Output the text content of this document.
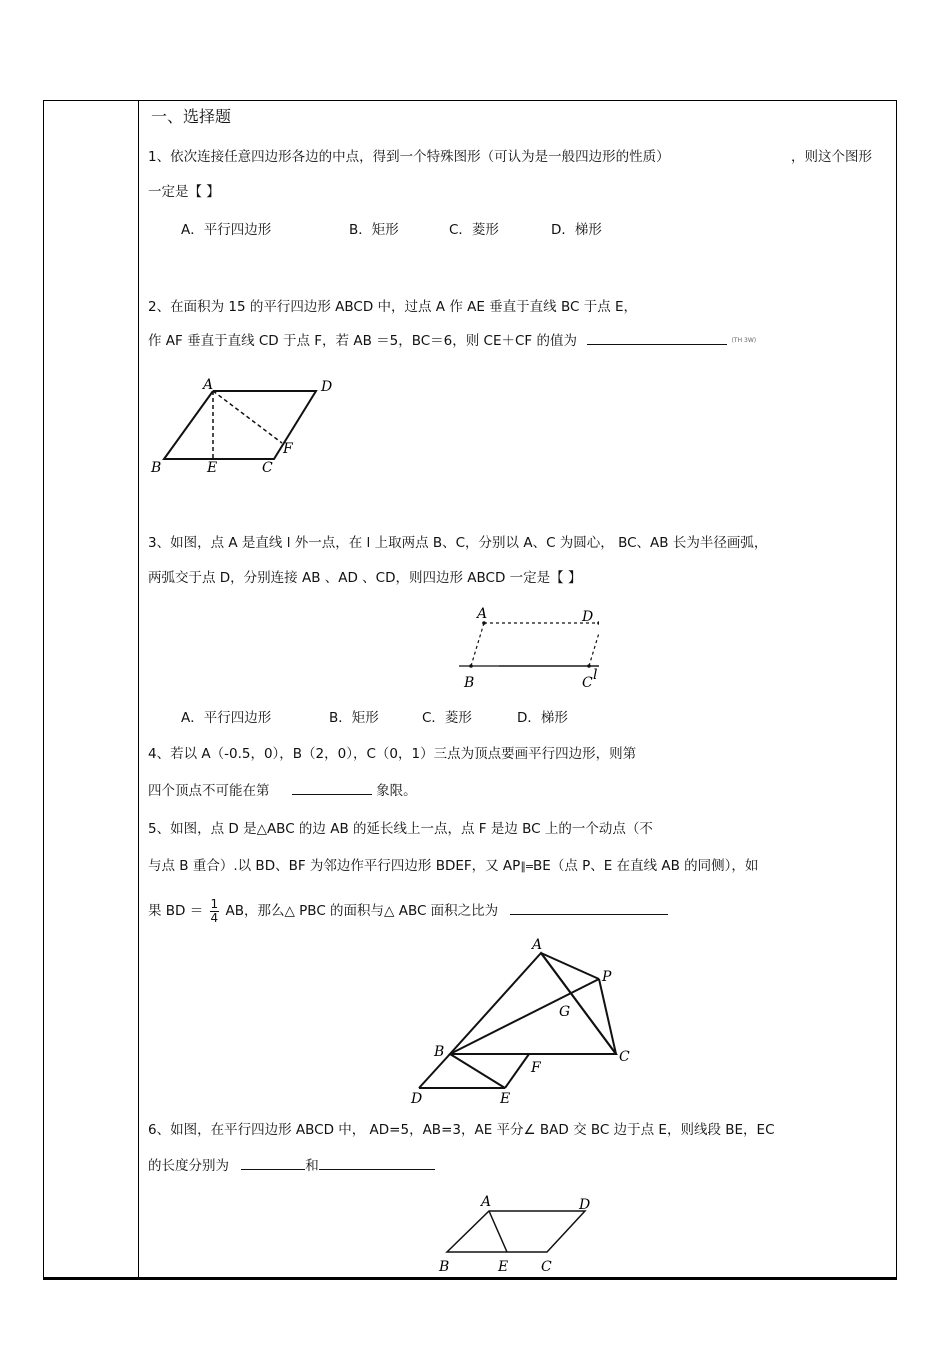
一、选择题
1、依次连接任意四边形各边的中点，得到一个特殊图形（可认为是一般四边形的性质）	，则这个图形
一定是【 】
A．平行四边形	B．矩形	C．菱形	D．梯形
2、在面积为 15 的平行四边形 ABCD 中，过点 A 作 AE 垂直于直线 BC 于点 E，
作 AF 垂直于直线 CD 于点 F，若 AB ＝5，BC＝6，则 CE＋CF 的值为	(TH 3W)
A	D
B	E	C
F
3、如图，点 A 是直线 l 外一点，在 l 上取两点 B、C，分别以 A、C 为圆心， BC、AB 长为半径画弧，
两弧交于点 D，分别连接 AB 、AD 、CD，则四边形 ABCD 一定是【 】
A	D
B	C l
A．平行四边形	B．矩形	C．菱形	D．梯形
4、若以 A（-0.5，0），B（2，0），C（0，1）三点为顶点要画平行四边形，则第
四个顶点不可能在第	象限。
5、如图，点 D 是△ABC 的边 AB 的延长线上一点，点 F 是边 BC 上的一个动点（不
与点 B 重合）.以 BD、BF 为邻边作平行四边形 BDEF，又 AP∥=BE（点 P、E 在直线 AB 的同侧），如
果 BD ＝ $\frac{1}{4}$ AB，那么△ PBC 的面积与△ ABC 面积之比为
A
P
G
B	C
F
D	E
6、如图，在平行四边形 ABCD 中， AD=5，AB=3，AE 平分∠ BAD 交 BC 边于点 E，则线段 BE，EC
的长度分别为	和
A	D
B	E C
